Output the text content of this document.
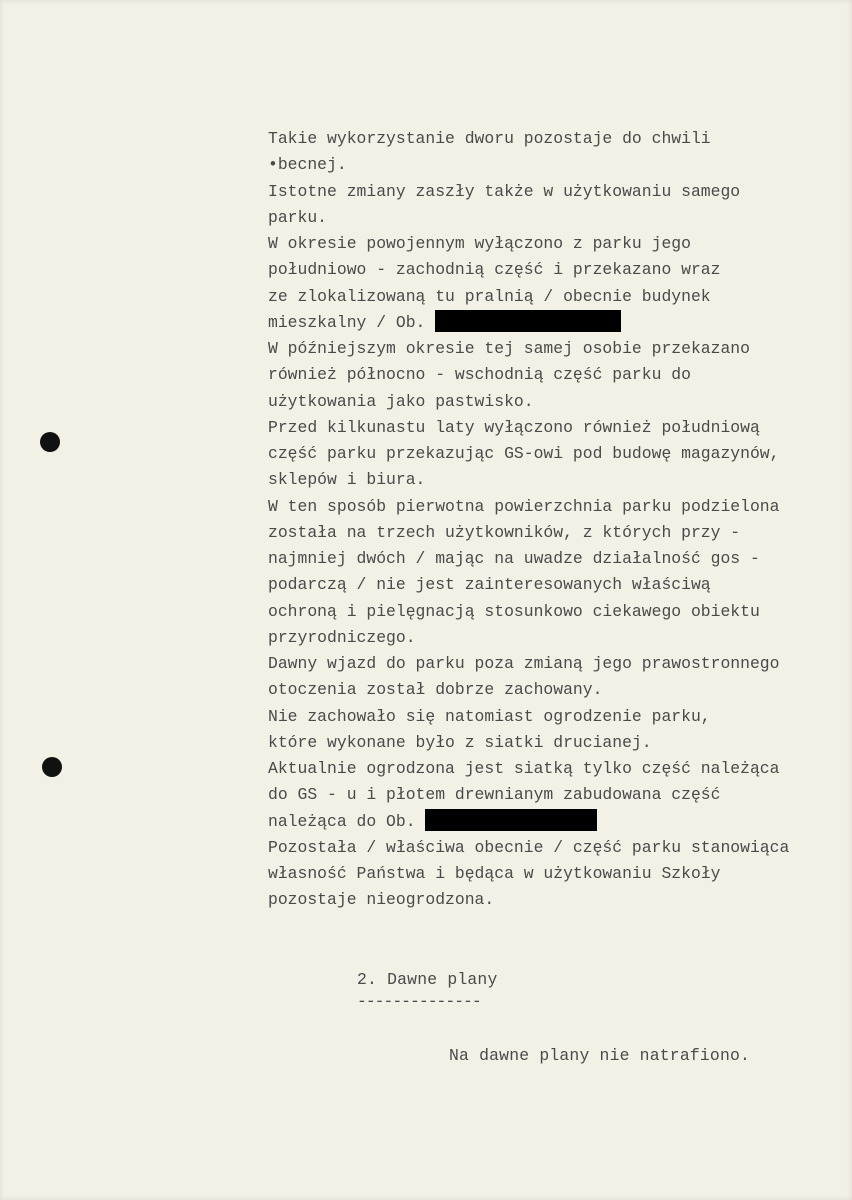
Takie wykorzystanie dworu pozostaje do chwili
•becnej.
Istotne zmiany zaszły także w użytkowaniu samego
parku.
W okresie powojennym wyłączono z parku jego
południowo - zachodnią część i przekazano wraz
ze zlokalizowaną tu pralnią / obecnie budynek
mieszkalny / Ob.
W późniejszym okresie tej samej osobie przekazano
również północno - wschodnią część parku do
użytkowania jako pastwisko.
Przed kilkunastu laty wyłączono również południową
część parku przekazując GS-owi pod budowę magazynów,
sklepów i biura.
W ten sposób pierwotna powierzchnia parku podzielona
została na trzech użytkowników, z których przy -
najmniej dwóch / mając na uwadze działalność gos -
podarczą / nie jest zainteresowanych właściwą
ochroną i pielęgnacją stosunkowo ciekawego obiektu
przyrodniczego.
Dawny wjazd do parku poza zmianą jego prawostronnego
otoczenia został dobrze zachowany.
Nie zachowało się natomiast ogrodzenie parku,
które wykonane było z siatki drucianej.
Aktualnie ogrodzona jest siatką tylko część należąca
do GS - u i płotem drewnianym zabudowana część
należąca do Ob.
Pozostała / właściwa obecnie / część parku stanowiąca
własność Państwa i będąca w użytkowaniu Szkoły
pozostaje nieogrodzona.
2. Dawne plany
--------------
Na dawne plany nie natrafiono.
